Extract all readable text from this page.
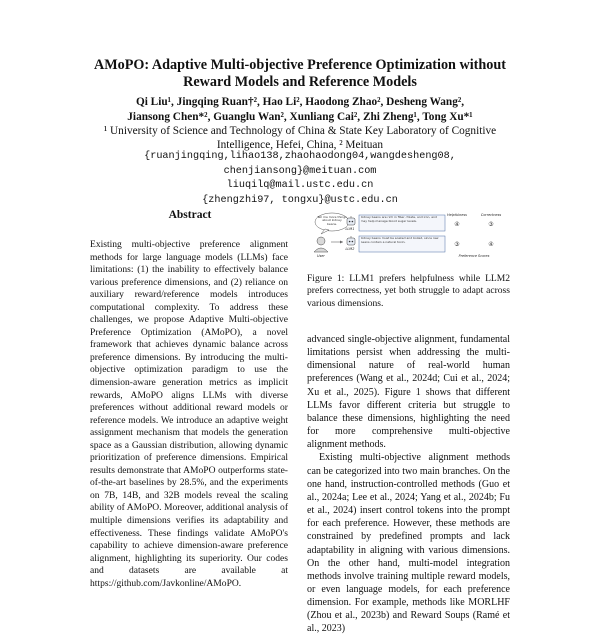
AMoPO: Adaptive Multi-objective Preference Optimization without
Reward Models and Reference Models
Qi Liu¹, Jingqing Ruan†², Hao Li², Haodong Zhao², Desheng Wang²,
Jiansong Chen*², Guanglu Wan², Xunliang Cai², Zhi Zheng¹, Tong Xu*¹
¹ University of Science and Technology of China & State Key Laboratory of Cognitive
Intelligence, Hefei, China, ² Meituan
{ruanjingqing,lihao138,zhaohaodong04,wangdesheng08,
chenjiansong}@meituan.com
liuqilq@mail.ustc.edu.cn
{zhengzhi97, tongxu}@ustc.edu.cn
Abstract

Existing multi-objective preference alignment methods for large language models (LLMs) face limitations: (1) the inability to effectively balance various preference dimensions, and (2) reliance on auxiliary reward/reference models introduces computational complexity. To address these challenges, we propose Adaptive Multi-objective Preference Optimization (AMoPO), a novel framework that achieves dynamic balance across preference dimensions. By introducing the multi-objective optimization paradigm to use the dimension-aware generation metrics as implicit rewards, AMoPO aligns LLMs with diverse preferences without additional reward models or reference models. We introduce an adaptive weight assignment mechanism that models the generation space as a Gaussian distribution, allowing dynamic prioritization of preference dimensions. Empirical results demonstrate that AMoPO outperforms state-of-the-art baselines by 28.5%, and the experiments on 7B, 14B, and 32B models reveal the scaling ability of AMoPO. Moreover, additional analysis of multiple dimensions verifies its adaptability and effectiveness. These findings validate AMoPO's capability to achieve dimension-aware preference alignment, highlighting its superiority. Our codes and datasets are available at https://github.com/Javkonline/AMoPO.

Tell me more things about kidney beans.
User
LLM1
LLM2
Kidney beans are rich in fiber, folate, and iron, and may help manage blood sugar levels.
Kidney beans must be soaked and boiled, since raw beans contain a natural toxin.
Helpfulness	Correctness
④	③
③	④
Preference Scores

Figure 1: LLM1 prefers helpfulness while LLM2 prefers correctness, yet both struggle to adapt across various dimensions.

advanced single-objective alignment, fundamental limitations persist when addressing the multi-dimensional nature of real-world human preferences (Wang et al., 2024d; Cui et al., 2024; Xu et al., 2025). Figure 1 shows that different LLMs favor different criteria but struggle to balance these dimensions, highlighting the need for more comprehensive multi-objective alignment methods.

Existing multi-objective alignment methods can be categorized into two main branches. On the one hand, instruction-controlled methods (Guo et al., 2024a; Lee et al., 2024; Yang et al., 2024b; Fu et al., 2024) insert control tokens into the prompt for each preference. However, these methods are constrained by predefined prompts and lack adaptability in aligning with various dimensions. On the other hand, multi-model integration methods involve training multiple reward models, or even language models, for each preference dimension. For example, methods like MORLHF (Zhou et al., 2023b) and Reward Soups (Ramé et al., 2023)
